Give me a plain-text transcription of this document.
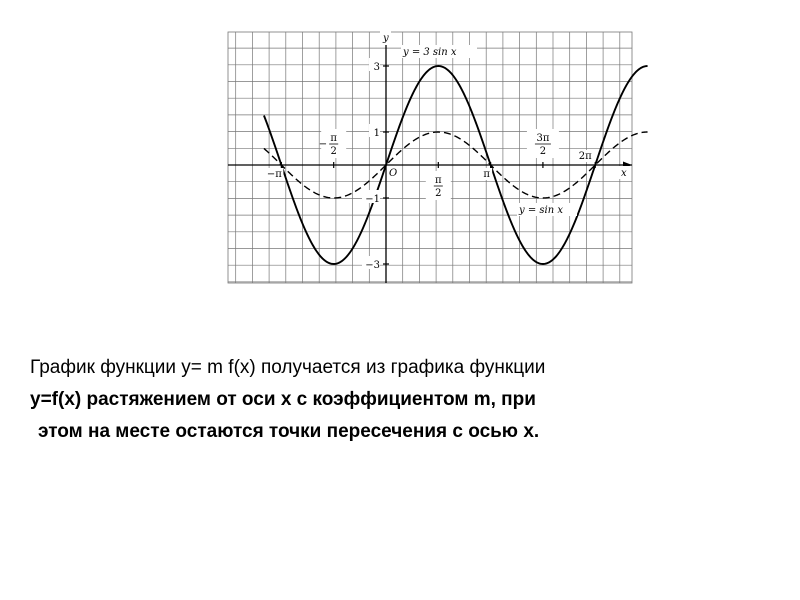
y
x
O
y = 3 sin x
y = sin x
3
1
−1
−3
−π
π
2
−
π
2
π
3π
2	2π
График функции y= m f(x) получается из графика функции
y=f(x) растяжением от оси x с коэффициентом m, при
этом на месте остаются точки пересечения с осью x.
